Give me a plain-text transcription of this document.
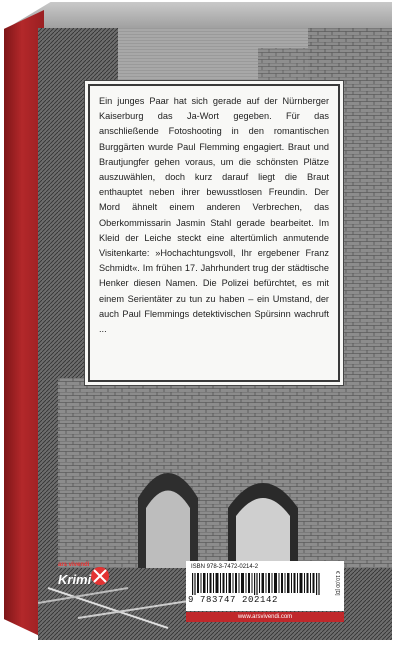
Ein junges Paar hat sich gerade auf der Nürnberger Kaiserburg das Ja-Wort gegeben. Für das anschließende Fotoshooting in den romantischen Burggärten wurde Paul Flemming engagiert. Braut und Brautjungfer gehen voraus, um die schönsten Plätze auszuwählen, doch kurz darauf liegt die Braut enthauptet neben ihrer bewusstlosen Freundin. Der Mord ähnelt einem anderen Verbrechen, das Oberkommissarin Jasmin Stahl gerade bearbeitet. Im Kleid der Leiche steckt eine altertümlich anmutende Visitenkarte: »Hochachtungsvoll, Ihr ergebener Franz Schmidt«. Im frühen 17. Jahrhundert trug der städtische Henker diesen Namen. Die Polizei befürchtet, es mit einem Serientäter zu tun zu haben – ein Umstand, der auch Paul Flemmings detektivischen Spürsinn wachruft ...

ars vivendi
Krimi
ISBN 978-3-7472-0214-2
9 783747 202142
€ 10,00 [D]
www.arsvivendi.com
